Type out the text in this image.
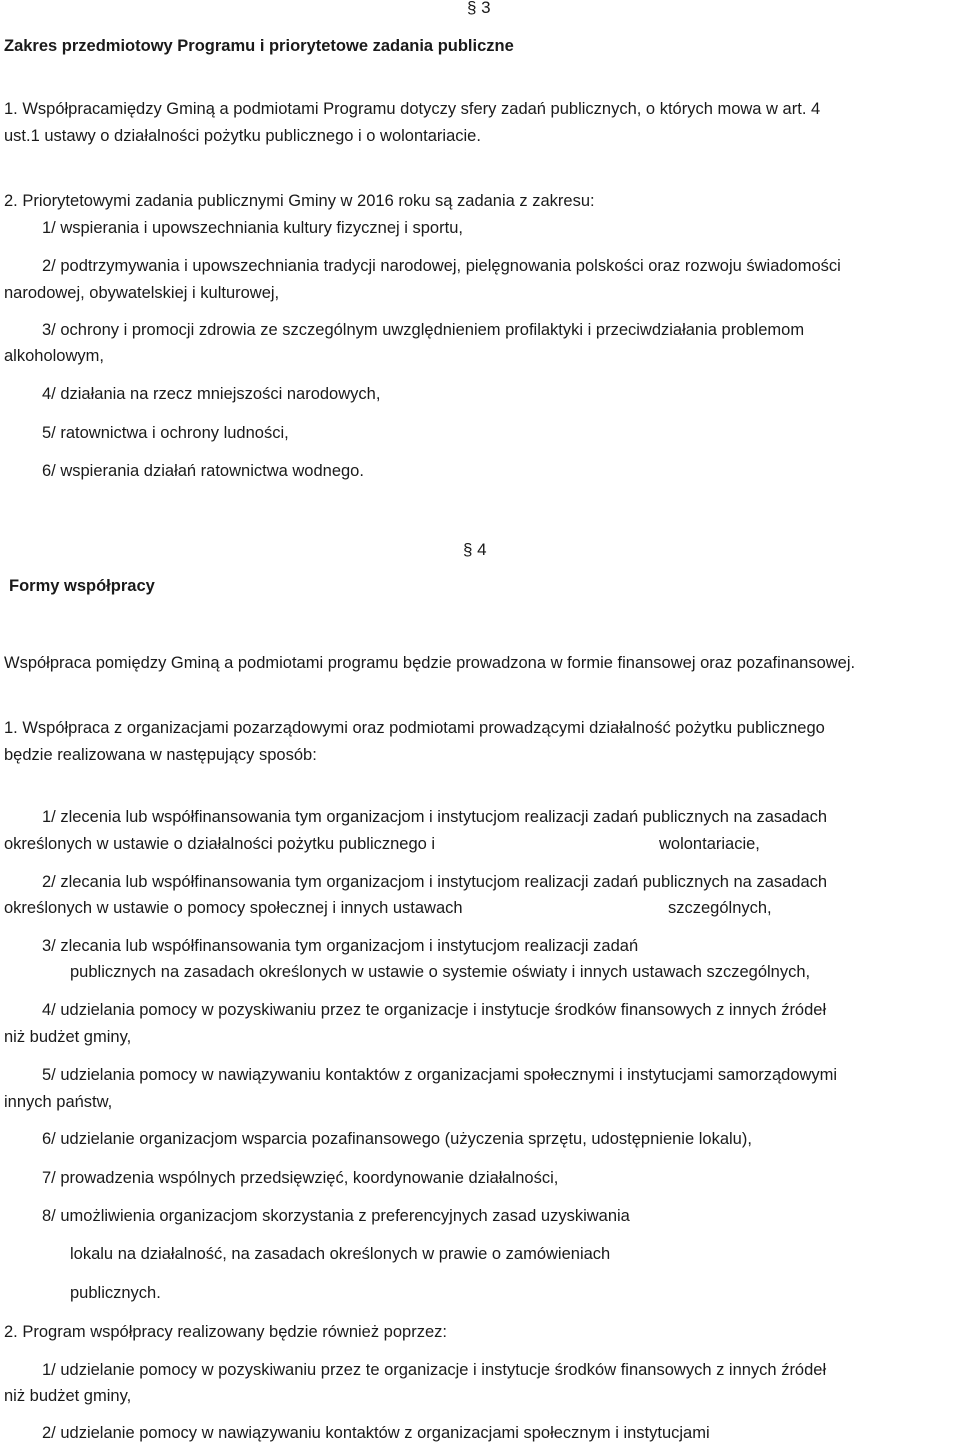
§ 3
Zakres przedmiotowy Programu i priorytetowe zadania publiczne
1. Współpracamiędzy Gminą a podmiotami Programu dotyczy sfery zadań publicznych, o których mowa w art. 4
ust.1 ustawy o działalności pożytku publicznego i o wolontariacie.
2. Priorytetowymi zadania publicznymi Gminy w 2016 roku są zadania z zakresu:
1/ wspierania i upowszechniania kultury fizycznej i sportu,
2/ podtrzymywania i upowszechniania tradycji narodowej, pielęgnowania polskości oraz rozwoju świadomości
narodowej, obywatelskiej i kulturowej,
3/ ochrony i promocji zdrowia ze szczególnym uwzględnieniem profilaktyki i przeciwdziałania problemom
alkoholowym,
4/ działania na rzecz mniejszości narodowych,
5/ ratownictwa i ochrony ludności,
6/ wspierania działań ratownictwa wodnego.
§ 4
Formy współpracy
Współpraca pomiędzy Gminą a podmiotami programu będzie prowadzona w formie finansowej oraz pozafinansowej.
1. Współpraca z organizacjami pozarządowymi oraz podmiotami prowadzącymi działalność pożytku publicznego
będzie realizowana w następujący sposób:
1/ zlecenia lub współfinansowania tym organizacjom i instytucjom realizacji zadań publicznych na zasadach
określonych w ustawie o działalności pożytku publicznego i	wolontariacie,
2/ zlecania lub współfinansowania tym organizacjom i instytucjom realizacji zadań publicznych na zasadach
określonych w ustawie o pomocy społecznej i innych ustawach	szczególnych,
3/ zlecania lub współfinansowania tym organizacjom i instytucjom realizacji zadań
publicznych na zasadach określonych w ustawie o systemie oświaty i innych ustawach szczególnych,
4/ udzielania pomocy w pozyskiwaniu przez te organizacje i instytucje środków finansowych z innych źródeł
niż budżet gminy,
5/ udzielania pomocy w nawiązywaniu kontaktów z organizacjami społecznymi i instytucjami samorządowymi
innych państw,
6/ udzielanie organizacjom wsparcia pozafinansowego (użyczenia sprzętu, udostępnienie lokalu),
7/ prowadzenia wspólnych przedsięwzięć, koordynowanie działalności,
8/ umożliwienia organizacjom skorzystania z preferencyjnych zasad uzyskiwania
lokalu na działalność, na zasadach określonych w prawie o zamówieniach
publicznych.
2. Program współpracy realizowany będzie również poprzez:
1/ udzielanie pomocy w pozyskiwaniu przez te organizacje i instytucje środków finansowych z innych źródeł
niż budżet gminy,
2/ udzielanie pomocy w nawiązywaniu kontaktów z organizacjami społecznym i instytucjami
